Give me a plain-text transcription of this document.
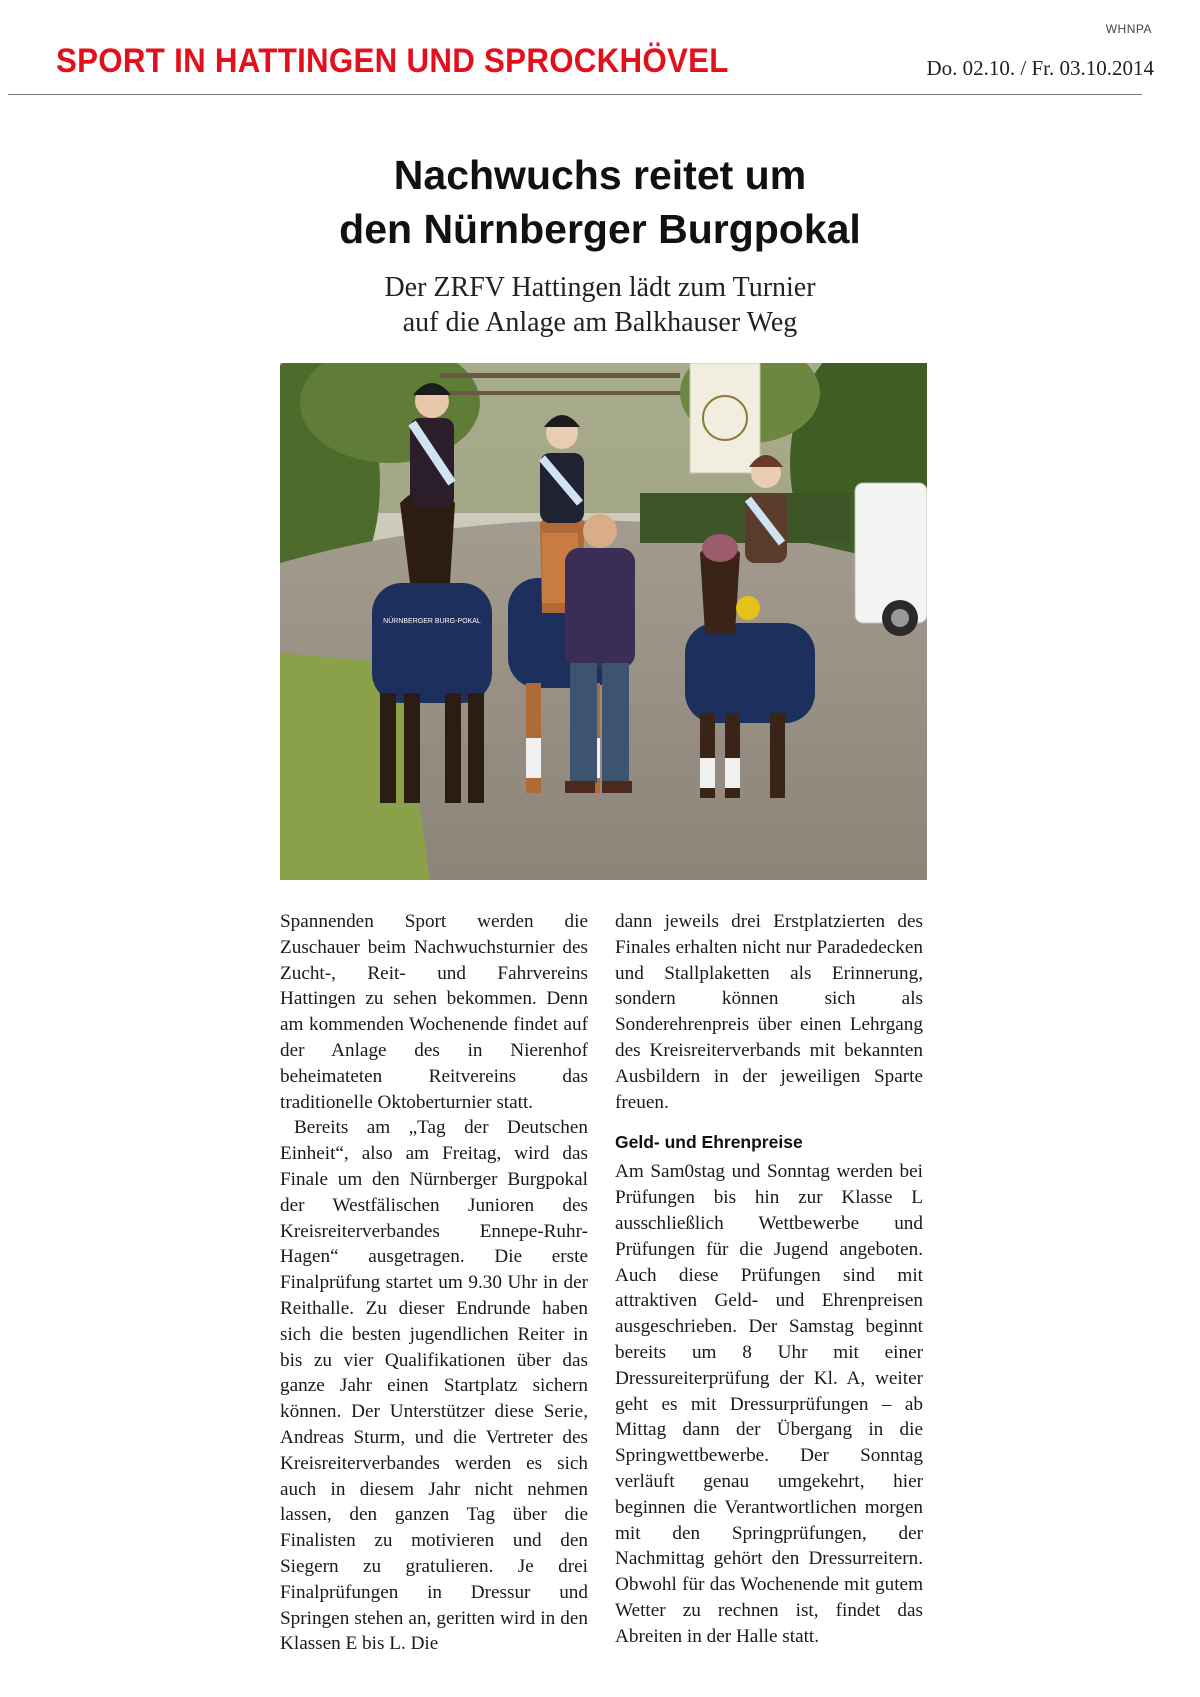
WHNPA
SPORT IN HATTINGEN UND SPROCKHÖVEL	Do. 02.10. / Fr. 03.10.2014
Nachwuchs reitet um
den Nürnberger Burgpokal
Der ZRFV Hattingen lädt zum Turnier
auf die Anlage am Balkhauser Weg
NÜRNBERGER BURG-POKAL

Spannenden Sport werden die Zuschauer beim Nachwuchsturnier des Zucht-, Reit- und Fahrvereins Hattingen zu sehen bekommen. Denn am kommenden Wochenende findet auf der Anlage des in Nierenhof beheimateten Reitvereins das traditionelle Oktoberturnier statt.

Bereits am „Tag der Deutschen Einheit“, also am Freitag, wird das Finale um den Nürnberger Burgpokal der Westfälischen Junioren des Kreisreiterverbandes Ennepe-Ruhr-Hagen“ ausgetragen. Die erste Finalprüfung startet um 9.30 Uhr in der Reithalle. Zu dieser Endrunde haben sich die besten jugendlichen Reiter in bis zu vier Qualifikationen über das ganze Jahr einen Startplatz sichern können. Der Unterstützer diese Serie, Andreas Sturm, und die Vertreter des Kreisreiterverbandes werden es sich auch in diesem Jahr nicht nehmen lassen, den ganzen Tag über die Finalisten zu motivieren und den Siegern zu gratulieren. Je drei Finalprüfungen in Dressur und Springen stehen an, geritten wird in den Klassen E bis L. Die

dann jeweils drei Erstplatzierten des Finales erhalten nicht nur Paradedecken und Stallplaketten als Erinnerung, sondern können sich als Sonderehrenpreis über einen Lehrgang des Kreisreiterverbands mit bekannten Ausbildern in der jeweiligen Sparte freuen.

Geld- und Ehrenpreise

Am Sam0stag und Sonntag werden bei Prüfungen bis hin zur Klasse L ausschließlich Wettbewerbe und Prüfungen für die Jugend angeboten. Auch diese Prüfungen sind mit attraktiven Geld- und Ehrenpreisen ausgeschrieben. Der Samstag beginnt bereits um 8 Uhr mit einer Dressureiterprüfung der Kl. A, weiter geht es mit Dressurprüfungen – ab Mittag dann der Übergang in die Springwettbewerbe. Der Sonntag verläuft genau umgekehrt, hier beginnen die Verantwortlichen morgen mit den Springprüfungen, der Nachmittag gehört den Dressurreitern. Obwohl für das Wochenende mit gutem Wetter zu rechnen ist, findet das Abreiten in der Halle statt.
